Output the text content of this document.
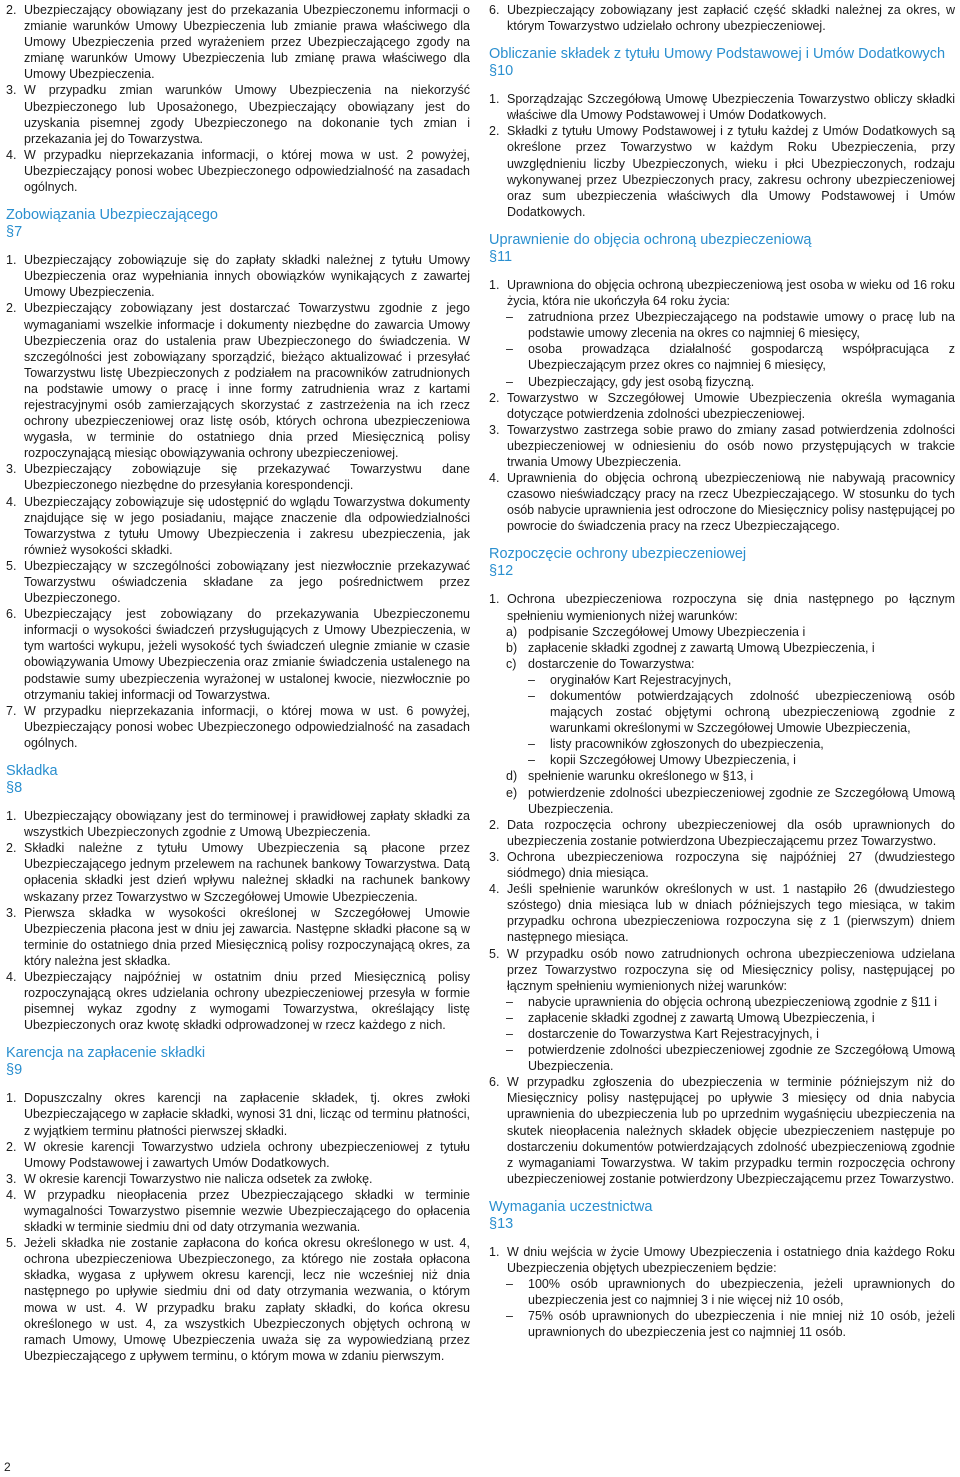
2. Ubezpieczający obowiązany jest do przekazania Ubezpieczonemu informacji o zmianie warunków Umowy Ubezpieczenia lub zmianie prawa właściwego dla Umowy Ubezpieczenia przed wyrażeniem przez Ubezpieczającego zgody na zmianę warunków Umowy Ubezpieczenia lub zmianę prawa właściwego dla Umowy Ubezpieczenia.
3. W przypadku zmian warunków Umowy Ubezpieczenia na niekorzyść Ubezpieczonego lub Uposażonego, Ubezpieczający obowiązany jest do uzyskania pisemnej zgody Ubezpieczonego na dokonanie tych zmian i przekazania jej do Towarzystwa.
4. W przypadku nieprzekazania informacji, o której mowa w ust. 2 powyżej, Ubezpieczający ponosi wobec Ubezpieczonego odpowiedzialność na zasadach ogólnych.
Zobowiązania Ubezpieczającego
§7
1. Ubezpieczający zobowiązuje się do zapłaty składki należnej z tytułu Umowy Ubezpieczenia oraz wypełniania innych obowiązków wynikających z zawartej Umowy Ubezpieczenia.
2. Ubezpieczający zobowiązany jest dostarczać Towarzystwu zgodnie z jego wymaganiami wszelkie informacje i dokumenty niezbędne do zawarcia Umowy Ubezpieczenia oraz do ustalenia praw Ubezpieczonego do świadczenia. W szczególności jest zobowiązany sporządzić, bieżąco aktualizować i przesyłać Towarzystwu listę Ubezpieczonych z podziałem na pracowników zatrudnionych na podstawie umowy o pracę i inne formy zatrudnienia wraz z kartami rejestracyjnymi osób zamierzających skorzystać z zastrzeżenia na ich rzecz ochrony ubezpieczeniowej oraz listę osób, których ochrona ubezpieczeniowa wygasła, w terminie do ostatniego dnia przed Miesięcznicą polisy rozpoczynającą miesiąc obowiązywania ochrony ubezpieczeniowej.
3. Ubezpieczający zobowiązuje się przekazywać Towarzystwu dane Ubezpieczonego niezbędne do przesyłania korespondencji.
4. Ubezpieczający zobowiązuje się udostępnić do wglądu Towarzystwa dokumenty znajdujące się w jego posiadaniu, mające znaczenie dla odpowiedzialności Towarzystwa z tytułu Umowy Ubezpieczenia i zakresu ubezpieczenia, jak również wysokości składki.
5. Ubezpieczający w szczególności zobowiązany jest niezwłocznie przekazywać Towarzystwu oświadczenia składane za jego pośrednictwem przez Ubezpieczonego.
6. Ubezpieczający jest zobowiązany do przekazywania Ubezpieczonemu informacji o wysokości świadczeń przysługujących z Umowy Ubezpieczenia, w tym wartości wykupu, jeżeli wysokość tych świadczeń ulegnie zmianie w czasie obowiązywania Umowy Ubezpieczenia oraz zmianie świadczenia ustalenego na podstawie sumy ubezpieczenia wyrażonej w ustalonej kwocie, niezwłocznie po otrzymaniu takiej informacji od Towarzystwa.
7. W przypadku nieprzekazania informacji, o której mowa w ust. 6 powyżej, Ubezpieczający ponosi wobec Ubezpieczonego odpowiedzialność na zasadach ogólnych.
Składka
§8
1. Ubezpieczający obowiązany jest do terminowej i prawidłowej zapłaty składki za wszystkich Ubezpieczonych zgodnie z Umową Ubezpieczenia.
2. Składki należne z tytułu Umowy Ubezpieczenia są płacone przez Ubezpieczającego jednym przelewem na rachunek bankowy Towarzystwa. Datą opłacenia składki jest dzień wpływu należnej składki na rachunek bankowy wskazany przez Towarzystwo w Szczegółowej Umowie Ubezpieczenia.
3. Pierwsza składka w wysokości określonej w Szczegółowej Umowie Ubezpieczenia płacona jest w dniu jej zawarcia. Następne składki płacone są w terminie do ostatniego dnia przed Miesięcznicą polisy rozpoczynającą okres, za który należna jest składka.
4. Ubezpieczający najpóźniej w ostatnim dniu przed Miesięcznicą polisy rozpoczynającą okres udzielania ochrony ubezpieczeniowej przesyła w formie pisemnej wykaz zgodny z wymogami Towarzystwa, określający listę Ubezpieczonych oraz kwotę składki odprowadzonej w rzecz każdego z nich.
Karencja na zapłacenie składki
§9
1. Dopuszczalny okres karencji na zapłacenie składek, tj. okres zwłoki Ubezpieczającego w zapłacie składki, wynosi 31 dni, licząc od terminu płatności, z wyjątkiem terminu płatności pierwszej składki.
2. W okresie karencji Towarzystwo udziela ochrony ubezpieczeniowej z tytułu Umowy Podstawowej i zawartych Umów Dodatkowych.
3. W okresie karencji Towarzystwo nie nalicza odsetek za zwłokę.
4. W przypadku nieopłacenia przez Ubezpieczającego składki w terminie wymagalności Towarzystwo pisemnie wezwie Ubezpieczającego do opłacenia składki w terminie siedmiu dni od daty otrzymania wezwania.
5. Jeżeli składka nie zostanie zapłacona do końca okresu określonego w ust. 4, ochrona ubezpieczeniowa Ubezpieczonego, za którego nie została opłacona składka, wygasa z upływem okresu karencji, lecz nie wcześniej niż dnia następnego po upływie siedmiu dni od daty otrzymania wezwania, o którym mowa w ust. 4. W przypadku braku zapłaty składki, do końca okresu określonego w ust. 4, za wszystkich Ubezpieczonych objętych ochroną w ramach Umowy, Umowę Ubezpieczenia uważa się za wypowiedzianą przez Ubezpieczającego z upływem terminu, o którym mowa w zdaniu pierwszym.
6. Ubezpieczający zobowiązany jest zapłacić część składki należnej za okres, w którym Towarzystwo udzielało ochrony ubezpieczeniowej.
Obliczanie składek z tytułu Umowy Podstawowej i Umów Dodatkowych
§10
1. Sporządzając Szczegółową Umowę Ubezpieczenia Towarzystwo obliczy składki właściwe dla Umowy Podstawowej i Umów Dodatkowych.
2. Składki z tytułu Umowy Podstawowej i z tytułu każdej z Umów Dodatkowych są określone przez Towarzystwo w każdym Roku Ubezpieczenia, przy uwzględnieniu liczby Ubezpieczonych, wieku i płci Ubezpieczonych, rodzaju wykonywanej przez Ubezpieczonych pracy, zakresu ochrony ubezpieczeniowej oraz sum ubezpieczenia właściwych dla Umowy Podstawowej i Umów Dodatkowych.
Uprawnienie do objęcia ochroną ubezpieczeniową
§11
1. Uprawniona do objęcia ochroną ubezpieczeniową jest osoba w wieku od 16 roku życia, która nie ukończyła 64 roku życia:
–	zatrudniona przez Ubezpieczającego na podstawie umowy o pracę lub na podstawie umowy zlecenia na okres co najmniej 6 miesięcy,
–	osoba prowadząca działalność gospodarczą współpracująca z Ubezpieczającym przez okres co najmniej 6 miesięcy,
–	Ubezpieczający, gdy jest osobą fizyczną.
2. Towarzystwo w Szczegółowej Umowie Ubezpieczenia określa wymagania dotyczące potwierdzenia zdolności ubezpieczeniowej.
3. Towarzystwo zastrzega sobie prawo do zmiany zasad potwierdzenia zdolności ubezpieczeniowej w odniesieniu do osób nowo przystępujących w trakcie trwania Umowy Ubezpieczenia.
4. Uprawnienia do objęcia ochroną ubezpieczeniową nie nabywają pracownicy czasowo nieświadczący pracy na rzecz Ubezpieczającego. W stosunku do tych osób nabycie uprawnienia jest odroczone do Miesięcznicy polisy następującej po powrocie do świadczenia pracy na rzecz Ubezpieczającego.
Rozpoczęcie ochrony ubezpieczeniowej
§12
1. Ochrona ubezpieczeniowa rozpoczyna się dnia następnego po łącznym spełnieniu wymienionych niżej warunków:
a) podpisanie Szczegółowej Umowy Ubezpieczenia i
b) zapłacenie składki zgodnej z zawartą Umową Ubezpieczenia, i
c) dostarczenie do Towarzystwa:
–	oryginałów Kart Rejestracyjnych,
–	dokumentów potwierdzających zdolność ubezpieczeniową osób mających zostać objętymi ochroną ubezpieczeniową zgodnie z warunkami określonymi w Szczegółowej Umowie Ubezpieczenia,
–	listy pracowników zgłoszonych do ubezpieczenia,
–	kopii Szczegółowej Umowy Ubezpieczenia, i
d) spełnienie warunku określonego w §13, i
e) potwierdzenie zdolności ubezpieczeniowej zgodnie ze Szczegółową Umową Ubezpieczenia.
2. Data rozpoczęcia ochrony ubezpieczeniowej dla osób uprawnionych do ubezpieczenia zostanie potwierdzona Ubezpieczającemu przez Towarzystwo.
3. Ochrona ubezpieczeniowa rozpoczyna się najpóźniej 27 (dwudziestego siódmego) dnia miesiąca.
4. Jeśli spełnienie warunków określonych w ust. 1 nastąpiło 26 (dwudziestego szóstego) dnia miesiąca lub w dniach późniejszych tego miesiąca, w takim przypadku ochrona ubezpieczeniowa rozpoczyna się z 1 (pierwszym) dniem następnego miesiąca.
5. W przypadku osób nowo zatrudnionych ochrona ubezpieczeniowa udzielana przez Towarzystwo rozpoczyna się od Miesięcznicy polisy, następującej po łącznym spełnieniu wymienionych niżej warunków:
–	nabycie uprawnienia do objęcia ochroną ubezpieczeniową zgodnie z §11 i
–	zapłacenie składki zgodnej z zawartą Umową Ubezpieczenia, i
–	dostarczenie do Towarzystwa Kart Rejestracyjnych, i
–	potwierdzenie zdolności ubezpieczeniowej zgodnie ze Szczegółową Umową Ubezpieczenia.
6. W przypadku zgłoszenia do ubezpieczenia w terminie późniejszym niż do Miesięcznicy polisy następującej po upływie 3 miesięcy od dnia nabycia uprawnienia do ubezpieczenia lub po uprzednim wygaśnięciu ubezpieczenia na skutek nieopłacenia należnych składek objęcie ubezpieczeniem następuje po dostarczeniu dokumentów potwierdzających zdolność ubezpieczeniową zgodnie z wymaganiami Towarzystwa. W takim przypadku termin rozpoczęcia ochrony ubezpieczeniowej zostanie potwierdzony Ubezpieczającemu przez Towarzystwo.
Wymagania uczestnictwa
§13
1. W dniu wejścia w życie Umowy Ubezpieczenia i ostatniego dnia każdego Roku Ubezpieczenia objętych ubezpieczeniem będzie:
–	100% osób uprawnionych do ubezpieczenia, jeżeli uprawnionych do ubezpieczenia jest co najmniej 3 i nie więcej niż 10 osób,
–	75% osób uprawnionych do ubezpieczenia i nie mniej niż 10 osób, jeżeli uprawnionych do ubezpieczenia jest co najmniej 11 osób.
2
